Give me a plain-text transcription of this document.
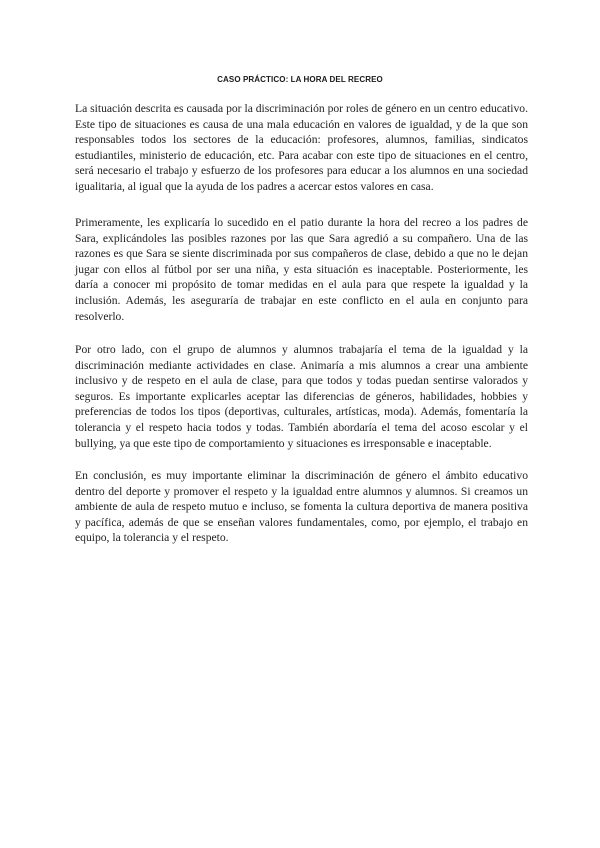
CASO PRÁCTICO: LA HORA DEL RECREO

La situación descrita es causada por la discriminación por roles de género en un centro educativo. Este tipo de situaciones es causa de una mala educación en valores de igualdad, y de la que son responsables todos los sectores de la educación: profesores, alumnos, familias, sindicatos estudiantiles, ministerio de educación, etc. Para acabar con este tipo de situaciones en el centro, será necesario el trabajo y esfuerzo de los profesores para educar a los alumnos en una sociedad igualitaria, al igual que la ayuda de los padres a acercar estos valores en casa.

Primeramente, les explicaría lo sucedido en el patio durante la hora del recreo a los padres de Sara, explicándoles las posibles razones por las que Sara agredió a su compañero. Una de las razones es que Sara se siente discriminada por sus compañeros de clase, debido a que no le dejan jugar con ellos al fútbol por ser una niña, y esta situación es inaceptable. Posteriormente, les daría a conocer mi propósito de tomar medidas en el aula para que respete la igualdad y la inclusión. Además, les aseguraría de trabajar en este conflicto en el aula en conjunto para resolverlo.

Por otro lado, con el grupo de alumnos y alumnos trabajaría el tema de la igualdad y la discriminación mediante actividades en clase. Animaría a mis alumnos a crear una ambiente inclusivo y de respeto en el aula de clase, para que todos y todas puedan sentirse valorados y seguros. Es importante explicarles aceptar las diferencias de géneros, habilidades, hobbies y preferencias de todos los tipos (deportivas, culturales, artísticas, moda). Además, fomentaría la tolerancia y el respeto hacia todos y todas. También abordaría el tema del acoso escolar y el bullying, ya que este tipo de comportamiento y situaciones es irresponsable e inaceptable.

En conclusión, es muy importante eliminar la discriminación de género el ámbito educativo dentro del deporte y promover el respeto y la igualdad entre alumnos y alumnos. Si creamos un ambiente de aula de respeto mutuo e incluso, se fomenta la cultura deportiva de manera positiva y pacífica, además de que se enseñan valores fundamentales, como, por ejemplo, el trabajo en equipo, la tolerancia y el respeto.
